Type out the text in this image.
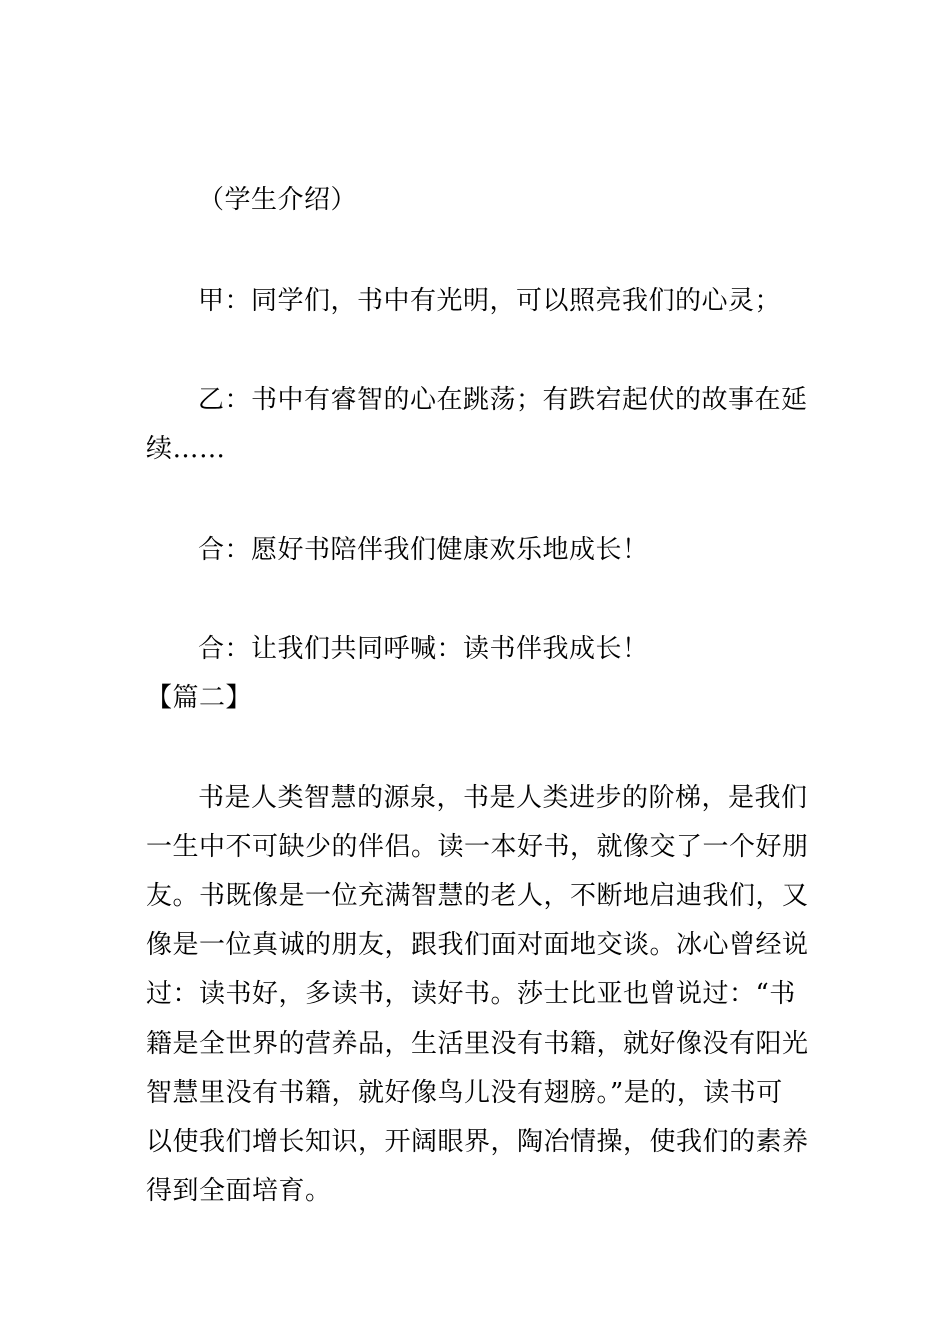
（学生介绍）
甲：同学们，书中有光明，可以照亮我们的心灵；
乙：书中有睿智的心在跳荡；有跌宕起伏的故事在延
续……
合：愿好书陪伴我们健康欢乐地成长！
合：让我们共同呼喊：读书伴我成长！
【篇二】
书是人类智慧的源泉，书是人类进步的阶梯，是我们
一生中不可缺少的伴侣。读一本好书，就像交了一个好朋
友。书既像是一位充满智慧的老人，不断地启迪我们，又
像是一位真诚的朋友，跟我们面对面地交谈。冰心曾经说
过：读书好，多读书，读好书。莎士比亚也曾说过：“书
籍是全世界的营养品，生活里没有书籍，就好像没有阳光
智慧里没有书籍，就好像鸟儿没有翅膀。”是的，读书可
以使我们增长知识，开阔眼界，陶冶情操，使我们的素养
得到全面培育。
